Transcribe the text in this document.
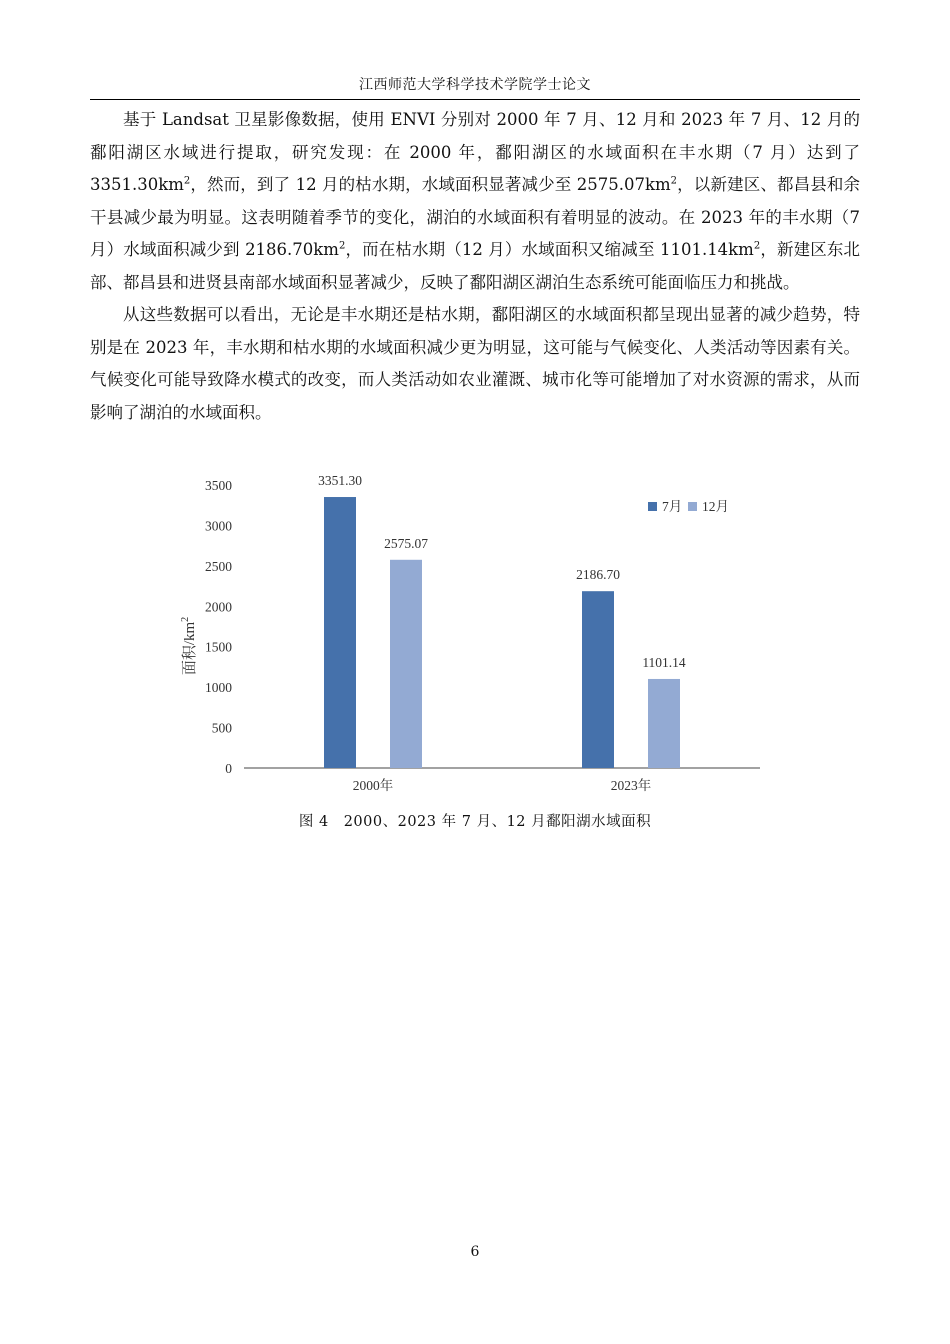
江西师范大学科学技术学院学士论文

基于 Landsat 卫星影像数据，使用 ENVI 分别对 2000 年 7 月、12 月和 2023 年 7 月、12 月的鄱阳湖区水域进行提取，研究发现：在 2000 年，鄱阳湖区的水域面积在丰水期（7 月）达到了 $3351.30km^2$，然而，到了 12 月的枯水期，水域面积显著减少至 $2575.07km^2$，以新建区、都昌县和余干县减少最为明显。这表明随着季节的变化，湖泊的水域面积有着明显的波动。在 2023 年的丰水期（7 月）水域面积减少到 $2186.70km^2$，而在枯水期（12 月）水域面积又缩减至 $1101.14km^2$，新建区东北部、都昌县和进贤县南部水域面积显著减少，反映了鄱阳湖区湖泊生态系统可能面临压力和挑战。

从这些数据可以看出，无论是丰水期还是枯水期，鄱阳湖区的水域面积都呈现出显著的减少趋势，特别是在 2023 年，丰水期和枯水期的水域面积减少更为明显，这可能与气候变化、人类活动等因素有关。气候变化可能导致降水模式的改变，而人类活动如农业灌溉、城市化等可能增加了对水资源的需求，从而影响了湖泊的水域面积。

0
500
1000
1500
2000
2500
3000
3500	3351.30
2575.07
2186.70
1101.14
2000年	2023年
面积$/km^2$
7月 12月
图 4　2000、2023 年 7 月、12 月鄱阳湖水域面积
6
